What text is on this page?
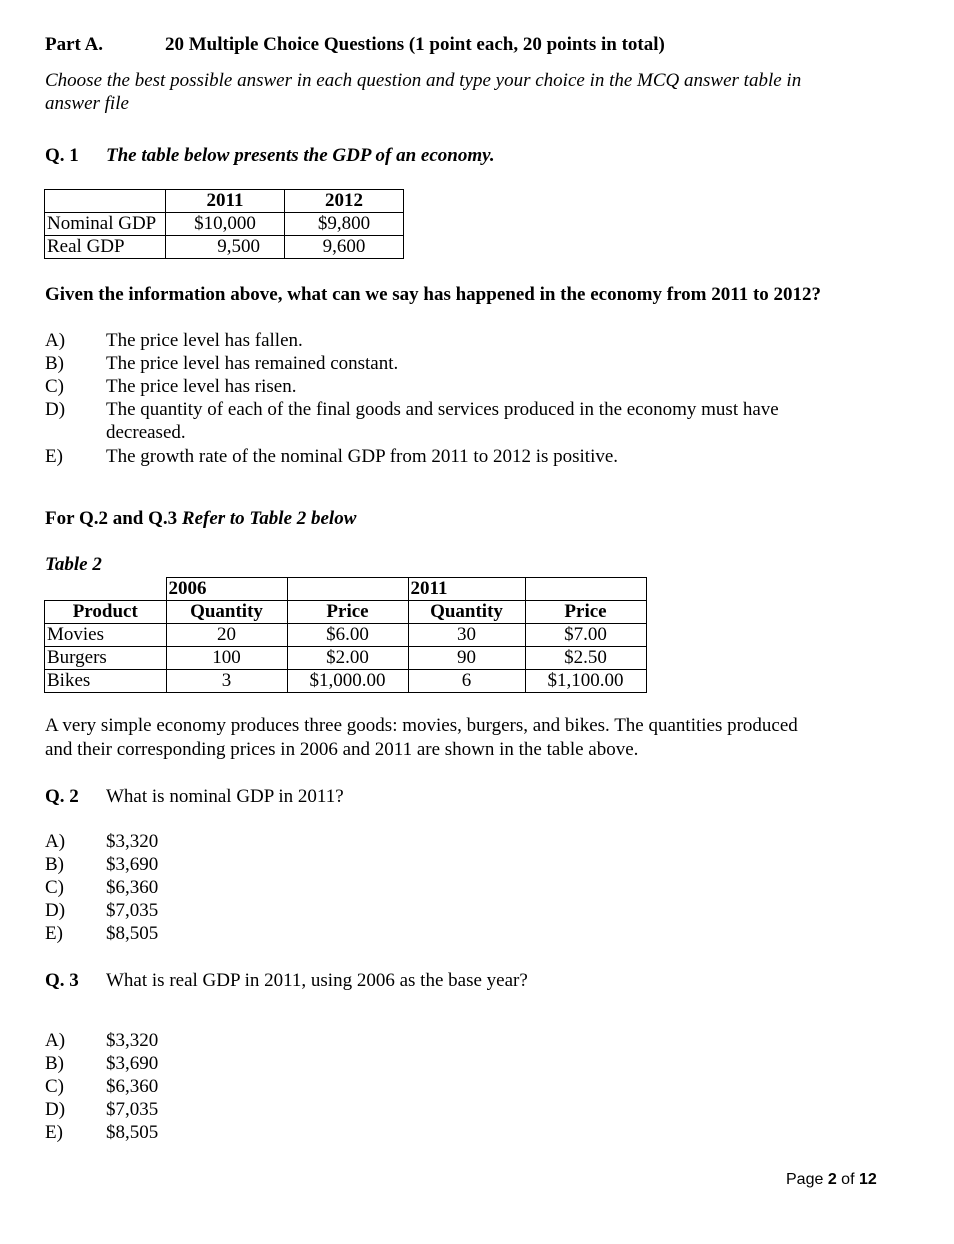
Part A.	20 Multiple Choice Questions (1 point each, 20 points in total)
Choose the best possible answer in each question and type your choice in the MCQ answer table in
answer file
Q. 1 The table below presents the GDP of an economy.
	2011	2012
Nominal GDP	$10,000	$9,800
Real GDP	9,500	9,600
Given the information above, what can we say has happened in the economy from 2011 to 2012?
A) The price level has fallen.
B) The price level has remained constant.
C) The price level has risen.
D) The quantity of each of the final goods and services produced in the economy must have
decreased.
E) The growth rate of the nominal GDP from 2011 to 2012 is positive.
For Q.2 and Q.3 Refer to Table 2 below
Table 2
	2006		2011	
Product	Quantity	Price	Quantity	Price
Movies	20	$6.00	30	$7.00
Burgers	100	$2.00	90	$2.50
Bikes	3	$1,000.00	6	$1,100.00
A very simple economy produces three goods: movies, burgers, and bikes. The quantities produced
and their corresponding prices in 2006 and 2011 are shown in the table above.
Q. 2 What is nominal GDP in 2011?
A) $3,320
B) $3,690
C) $6,360
D) $7,035
E) $8,505
Q. 3 What is real GDP in 2011, using 2006 as the base year?
A) $3,320
B) $3,690
C) $6,360
D) $7,035
E) $8,505
Page 2 of 12
